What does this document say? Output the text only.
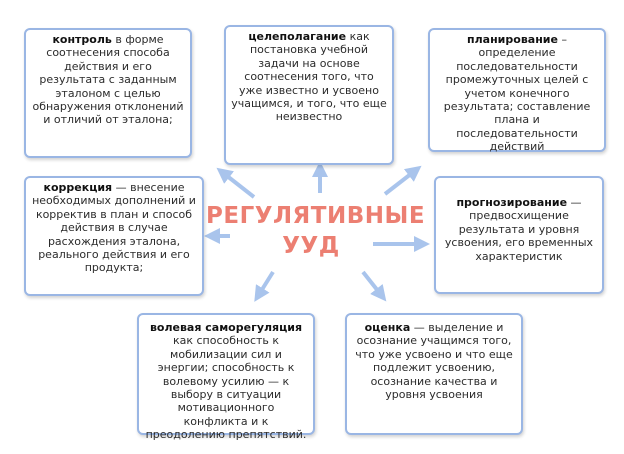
РЕГУЛЯТИВНЫЕ
УУД
контроль в форме соотнесения способа действия и его результата с заданным эталоном с целью обнаружения отклонений и отличий от эталона;
целеполагание как постановка учебной задачи на основе соотнесения того, что уже известно и усвоено учащимся, и того, что еще неизвестно
планирование – определение последовательности промежуточных целей с учетом конечного результата; составление плана и последовательности действий
коррекция — внесение необходимых дополнений и корректив в план и способ действия в случае расхождения эталона, реального действия и его продукта;
прогнозирование — предвосхищение результата и уровня усвоения, его временных характеристик
волевая саморегуляция как способность к мобилизации сил и энергии; способность к волевому усилию — к выбору в ситуации мотивационного конфликта и к преодолению препятствий.
оценка — выделение и осознание учащимся того, что уже усвоено и что еще подлежит усвоению, осознание качества и уровня усвоения
